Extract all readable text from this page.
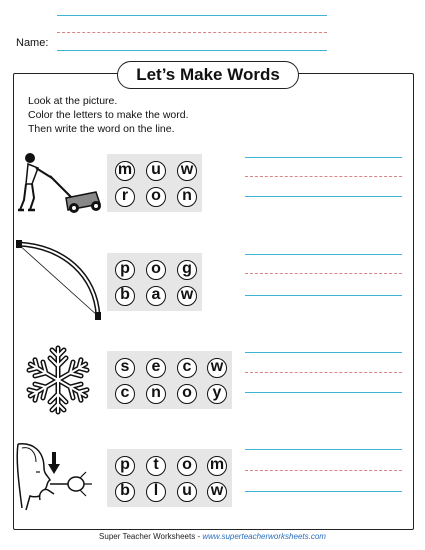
Name:
Let’s Make Words
Look at the picture.
Color the letters to make the word.
Then write the word on the line.
m	u	w
r	o	n
p	o	g
b	a	w
s	e	c	w
c	n	o	y
p	t	o	m
b	l	u	w
Super Teacher Worksheets - www.superteacherworksheets.com
